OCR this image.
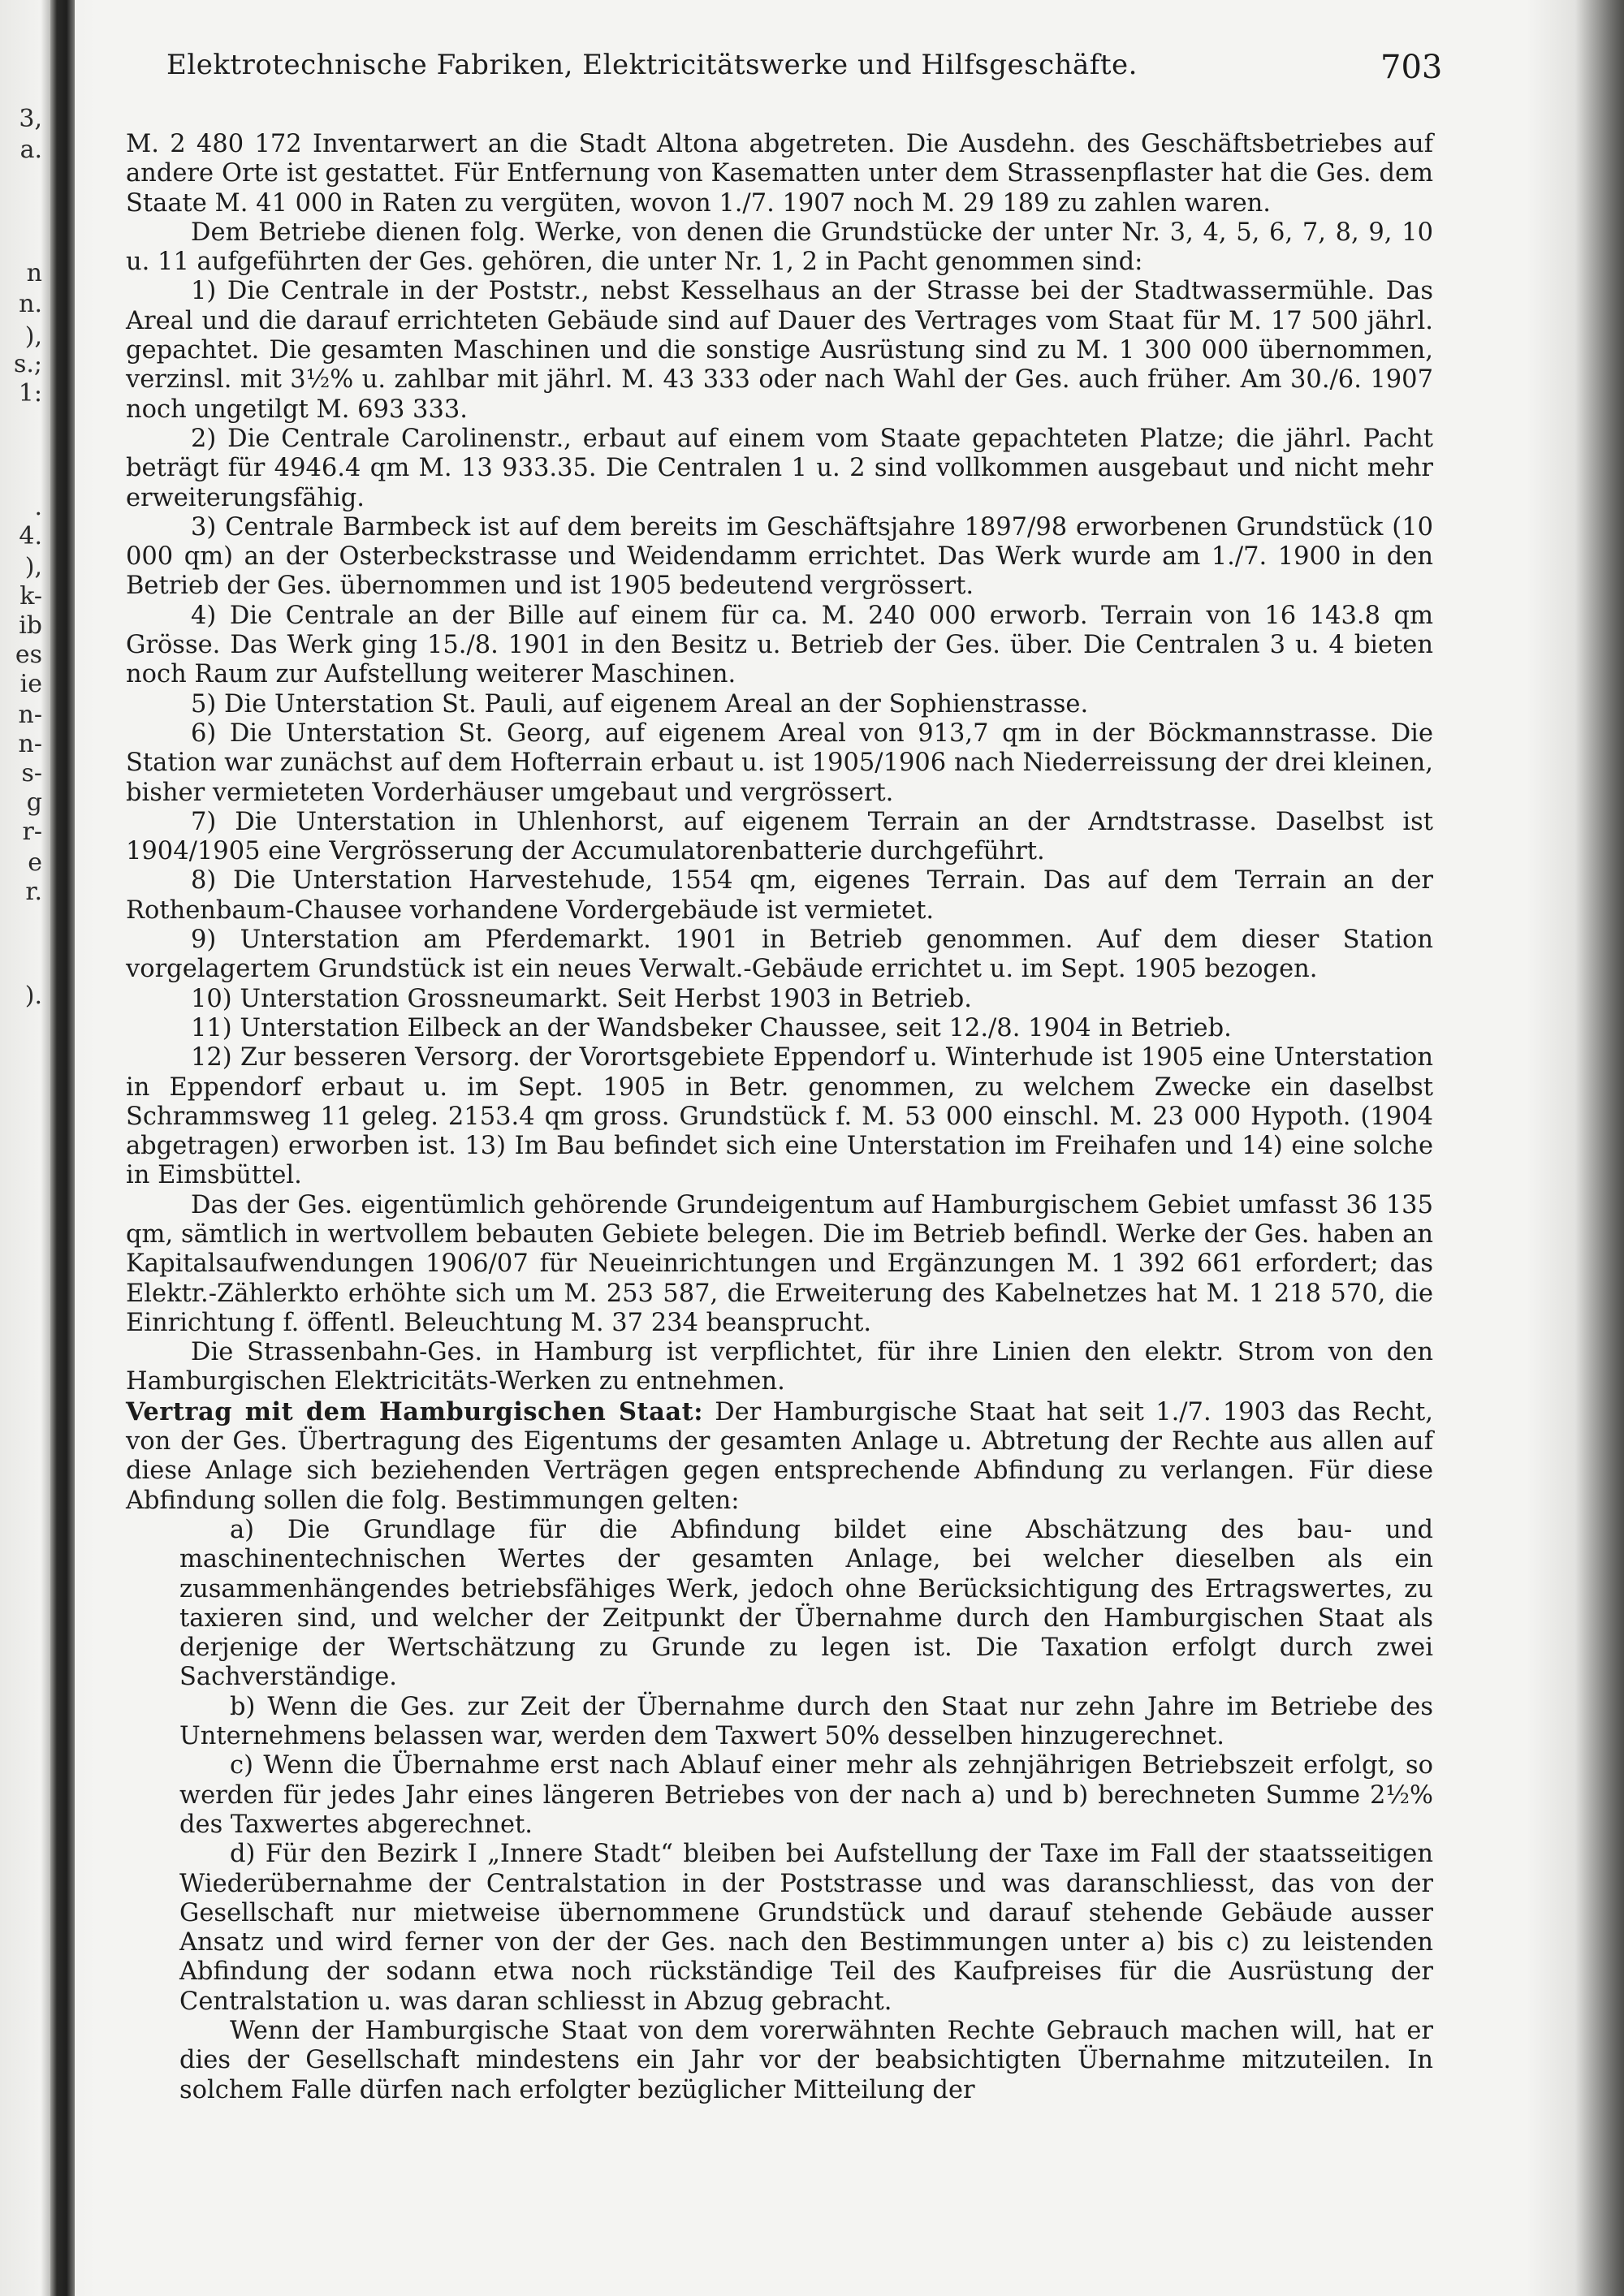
3,
a.
n
n.
),
s.;
1:
.
4.
),
k-
ib
es
ie
n-
n-
s-
g
r-
e
r.
).
Elektrotechnische Fabriken, Elektricitätswerke und Hilfsgeschäfte.	703

M. 2 480 172 Inventarwert an die Stadt Altona abgetreten. Die Ausdehn. des Geschäftsbetriebes auf andere Orte ist gestattet. Für Entfernung von Kasematten unter dem Strassenpflaster hat die Ges. dem Staate M. 41 000 in Raten zu vergüten, wovon 1./7. 1907 noch M. 29 189 zu zahlen waren.

Dem Betriebe dienen folg. Werke, von denen die Grundstücke der unter Nr. 3, 4, 5, 6, 7, 8, 9, 10 u. 11 aufgeführten der Ges. gehören, die unter Nr. 1, 2 in Pacht genommen sind:

1) Die Centrale in der Poststr., nebst Kesselhaus an der Strasse bei der Stadtwassermühle. Das Areal und die darauf errichteten Gebäude sind auf Dauer des Vertrages vom Staat für M. 17 500 jährl. gepachtet. Die gesamten Maschinen und die sonstige Ausrüstung sind zu M. 1 300 000 übernommen, verzinsl. mit 3½% u. zahlbar mit jährl. M. 43 333 oder nach Wahl der Ges. auch früher. Am 30./6. 1907 noch ungetilgt M. 693 333.

2) Die Centrale Carolinenstr., erbaut auf einem vom Staate gepachteten Platze; die jährl. Pacht beträgt für 4946.4 qm M. 13 933.35. Die Centralen 1 u. 2 sind vollkommen ausgebaut und nicht mehr erweiterungsfähig.

3) Centrale Barmbeck ist auf dem bereits im Geschäftsjahre 1897/98 erworbenen Grundstück (10 000 qm) an der Osterbeckstrasse und Weidendamm errichtet. Das Werk wurde am 1./7. 1900 in den Betrieb der Ges. übernommen und ist 1905 bedeutend vergrössert.

4) Die Centrale an der Bille auf einem für ca. M. 240 000 erworb. Terrain von 16 143.8 qm Grösse. Das Werk ging 15./8. 1901 in den Besitz u. Betrieb der Ges. über. Die Centralen 3 u. 4 bieten noch Raum zur Aufstellung weiterer Maschinen.

5) Die Unterstation St. Pauli, auf eigenem Areal an der Sophienstrasse.

6) Die Unterstation St. Georg, auf eigenem Areal von 913,7 qm in der Böckmannstrasse. Die Station war zunächst auf dem Hofterrain erbaut u. ist 1905/1906 nach Niederreissung der drei kleinen, bisher vermieteten Vorderhäuser umgebaut und vergrössert.

7) Die Unterstation in Uhlenhorst, auf eigenem Terrain an der Arndtstrasse. Daselbst ist 1904/1905 eine Vergrösserung der Accumulatorenbatterie durchgeführt.

8) Die Unterstation Harvestehude, 1554 qm, eigenes Terrain. Das auf dem Terrain an der Rothenbaum-Chausee vorhandene Vordergebäude ist vermietet.

9) Unterstation am Pferdemarkt. 1901 in Betrieb genommen. Auf dem dieser Station vorgelagertem Grundstück ist ein neues Verwalt.-Gebäude errichtet u. im Sept. 1905 bezogen.

10) Unterstation Grossneumarkt. Seit Herbst 1903 in Betrieb.

11) Unterstation Eilbeck an der Wandsbeker Chaussee, seit 12./8. 1904 in Betrieb.

12) Zur besseren Versorg. der Vorortsgebiete Eppendorf u. Winterhude ist 1905 eine Unterstation in Eppendorf erbaut u. im Sept. 1905 in Betr. genommen, zu welchem Zwecke ein daselbst Schrammsweg 11 geleg. 2153.4 qm gross. Grundstück f. M. 53 000 einschl. M. 23 000 Hypoth. (1904 abgetragen) erworben ist. 13) Im Bau befindet sich eine Unterstation im Freihafen und 14) eine solche in Eimsbüttel.

Das der Ges. eigentümlich gehörende Grundeigentum auf Hamburgischem Gebiet umfasst 36 135 qm, sämtlich in wertvollem bebauten Gebiete belegen. Die im Betrieb befindl. Werke der Ges. haben an Kapitalsaufwendungen 1906/07 für Neueinrichtungen und Ergänzungen M. 1 392 661 erfordert; das Elektr.-Zählerkto erhöhte sich um M. 253 587, die Erweiterung des Kabelnetzes hat M. 1 218 570, die Einrichtung f. öffentl. Beleuchtung M. 37 234 beansprucht.

Die Strassenbahn-Ges. in Hamburg ist verpflichtet, für ihre Linien den elektr. Strom von den Hamburgischen Elektricitäts-Werken zu entnehmen.

Vertrag mit dem Hamburgischen Staat: Der Hamburgische Staat hat seit 1./7. 1903 das Recht, von der Ges. Übertragung des Eigentums der gesamten Anlage u. Abtretung der Rechte aus allen auf diese Anlage sich beziehenden Verträgen gegen entsprechende Abfindung zu verlangen. Für diese Abfindung sollen die folg. Bestimmungen gelten:

a) Die Grundlage für die Abfindung bildet eine Abschätzung des bau- und maschinentechnischen Wertes der gesamten Anlage, bei welcher dieselben als ein zusammenhängendes betriebsfähiges Werk, jedoch ohne Berücksichtigung des Ertragswertes, zu taxieren sind, und welcher der Zeitpunkt der Übernahme durch den Hamburgischen Staat als derjenige der Wertschätzung zu Grunde zu legen ist. Die Taxation erfolgt durch zwei Sachverständige.

b) Wenn die Ges. zur Zeit der Übernahme durch den Staat nur zehn Jahre im Betriebe des Unternehmens belassen war, werden dem Taxwert 50% desselben hinzugerechnet.

c) Wenn die Übernahme erst nach Ablauf einer mehr als zehnjährigen Betriebszeit erfolgt, so werden für jedes Jahr eines längeren Betriebes von der nach a) und b) berechneten Summe 2½% des Taxwertes abgerechnet.

d) Für den Bezirk I „Innere Stadt“ bleiben bei Aufstellung der Taxe im Fall der staatsseitigen Wiederübernahme der Centralstation in der Poststrasse und was daranschliesst, das von der Gesellschaft nur mietweise übernommene Grundstück und darauf stehende Gebäude ausser Ansatz und wird ferner von der der Ges. nach den Bestimmungen unter a) bis c) zu leistenden Abfindung der sodann etwa noch rückständige Teil des Kaufpreises für die Ausrüstung der Centralstation u. was daran schliesst in Abzug gebracht.

Wenn der Hamburgische Staat von dem vorerwähnten Rechte Gebrauch machen will, hat er dies der Gesellschaft mindestens ein Jahr vor der beabsichtigten Übernahme mitzuteilen. In solchem Falle dürfen nach erfolgter bezüglicher Mitteilung der
